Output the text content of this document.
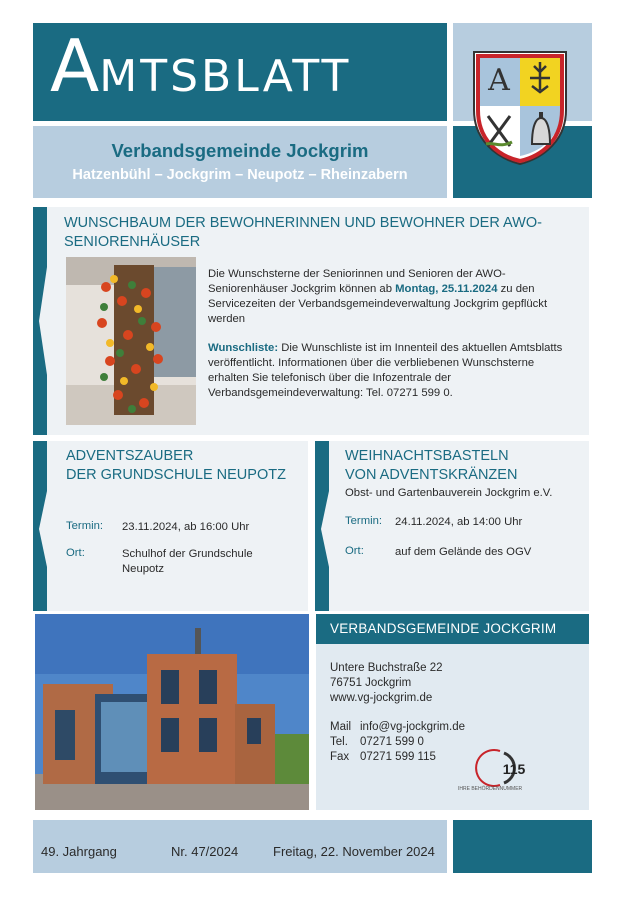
AMTSBLATT
Verbandsgemeinde Jockgrim
Hatzenbühl – Jockgrim – Neupotz – Rheinzabern
A
WUNSCHBAUM DER BEWOHNERINNEN UND BEWOHNER DER AWO-SENIORENHÄUSER
Die Wunschsterne der Seniorinnen und Senioren der AWO-Seniorenhäuser Jockgrim können ab Montag, 25.11.2024 zu den Servicezeiten der Verbandsgemeindeverwaltung Jockgrim gepflückt werden
Wunschliste: Die Wunschliste ist im Innenteil des aktuellen Amtsblatts veröffentlicht. Informationen über die verbliebenen Wunschsterne erhalten Sie telefonisch über die Infozentrale der Verbandsgemeindeverwaltung: Tel. 07271 599 0.
ADVENTSZAUBER
DER GRUNDSCHULE NEUPOTZ
Termin: 23.11.2024, ab 16:00 Uhr
Ort:	Schulhof der Grundschule
Neupotz
WEIHNACHTSBASTELN
VON ADVENTSKRÄNZEN
Obst- und Gartenbauverein Jockgrim e.V.
Termin: 24.11.2024, ab 14:00 Uhr
Ort:	auf dem Gelände des OGV
VERBANDSGEMEINDE JOCKGRIM
Untere Buchstraße 22
76751 Jockgrim
www.vg-jockgrim.de
Mail info@vg-jockgrim.de
Tel. 07271 599 0
Fax 07271 599 115
115
IHRE BEHÖRDENNUMMER
49. Jahrgang	Nr. 47/2024	Freitag, 22. November 2024
